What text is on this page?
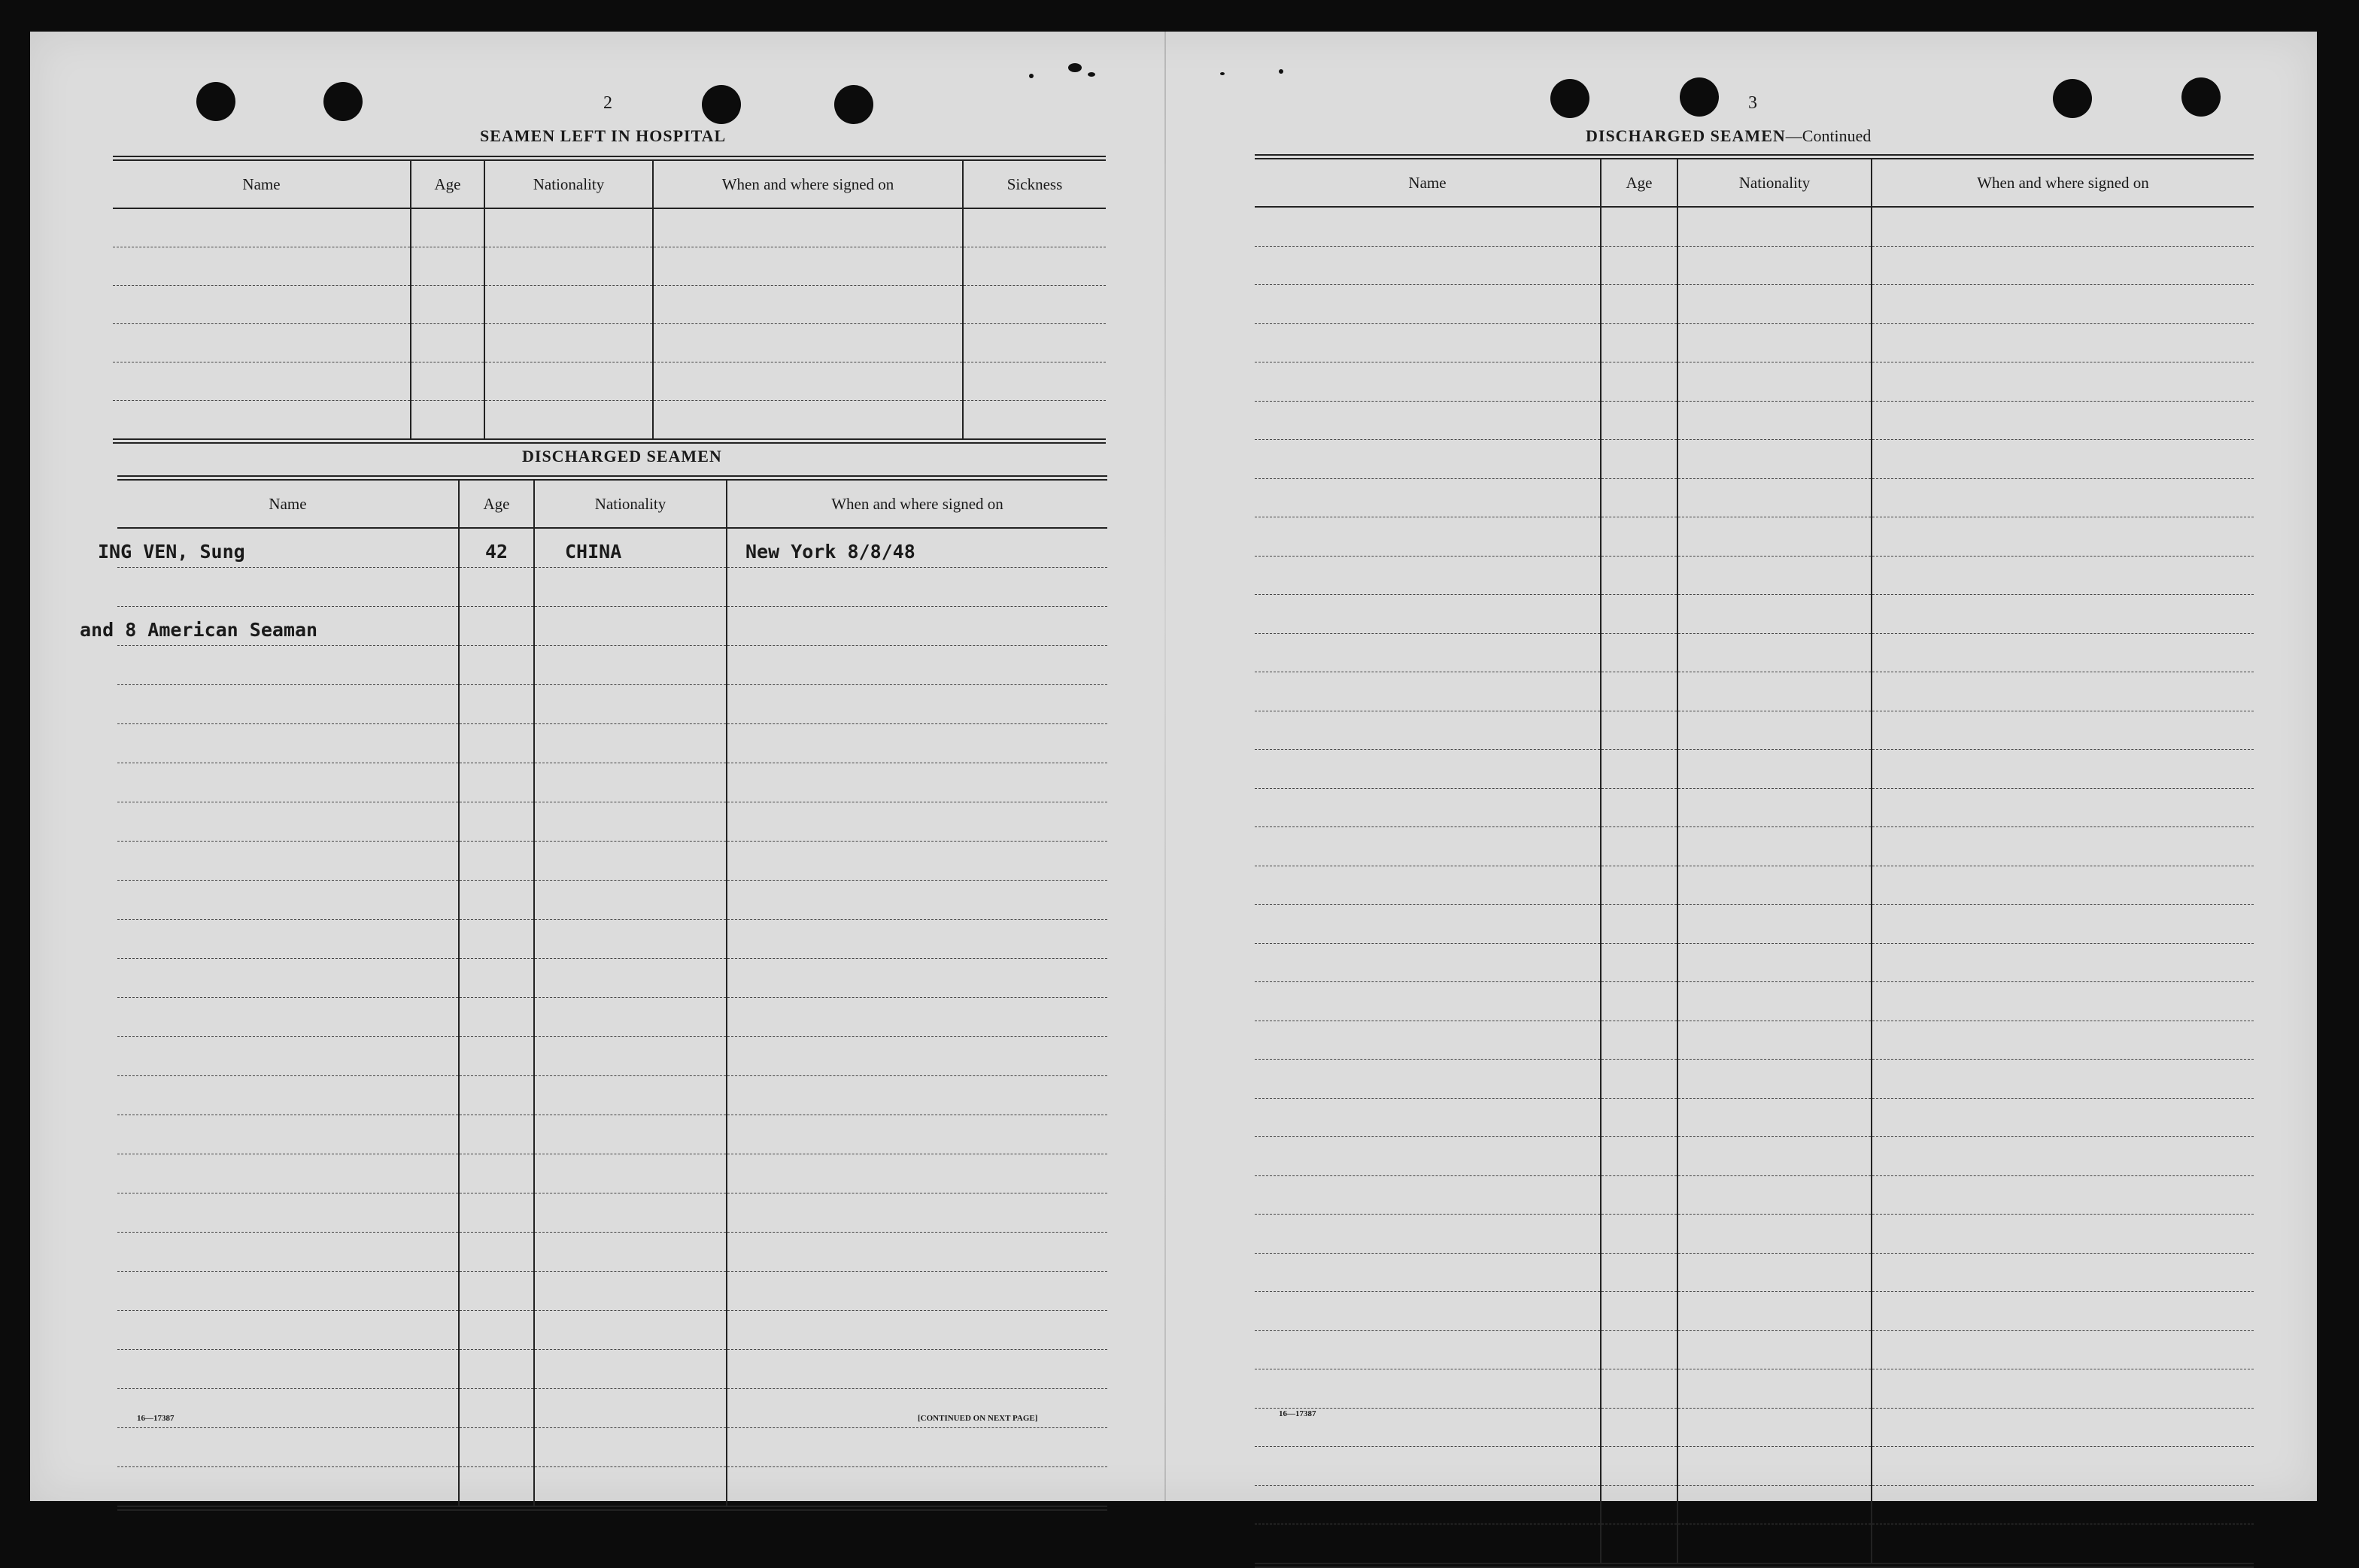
2
SEAMEN LEFT IN HOSPITAL
Name	Age	Nationality	When and where signed on	Sickness

DISCHARGED SEAMEN
Name	Age	Nationality	When and where signed on
ING VEN, Sung	42	CHINA	New York 8/8/48

and 8 American Seaman			

16—17387	[CONTINUED ON NEXT PAGE]
3
DISCHARGED SEAMEN—Continued
Name	Age	Nationality	When and where signed on

16—17387
